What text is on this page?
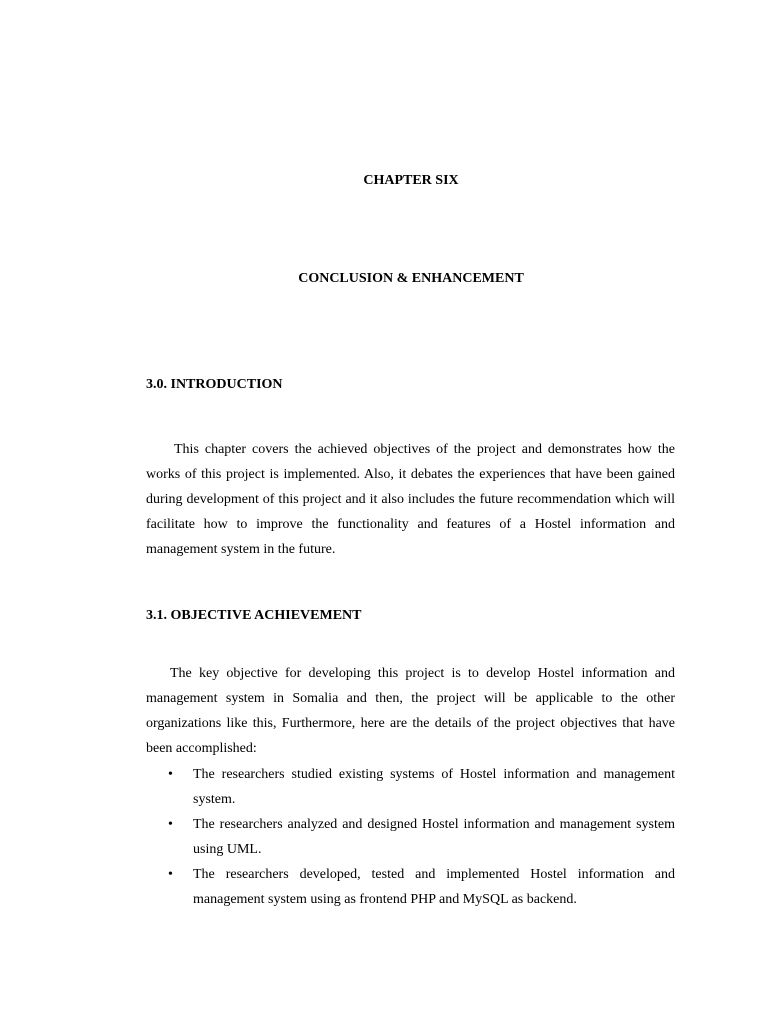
CHAPTER SIX
CONCLUSION & ENHANCEMENT
3.0. INTRODUCTION

This chapter covers the achieved objectives of the project and demonstrates how the works of this project is implemented. Also, it debates the experiences that have been gained during development of this project and it also includes the future recommendation which will facilitate how to improve the functionality and features of a Hostel information and management system in the future.

3.1. OBJECTIVE ACHIEVEMENT

The key objective for developing this project is to develop Hostel information and management system in Somalia and then, the project will be applicable to the other organizations like this, Furthermore, here are the details of the project objectives that have been accomplished:

• The researchers studied existing systems of Hostel information and management system.
• The researchers analyzed and designed Hostel information and management system using UML.
• The researchers developed, tested and implemented Hostel information and management system using as frontend PHP and MySQL as backend.
